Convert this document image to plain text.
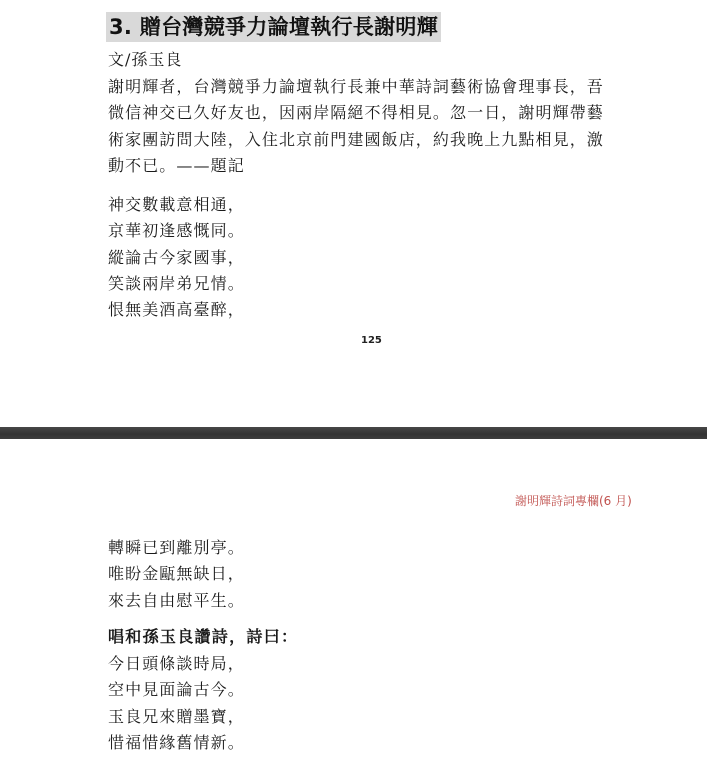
3. 贈台灣競爭力論壇執行長謝明輝
文/孫玉良
謝明輝者，台灣競爭力論壇執行長兼中華詩詞藝術協會理事長，吾
微信神交已久好友也，因兩岸隔絕不得相見。忽一日，謝明輝帶藝
術家團訪問大陸，入住北京前門建國飯店，約我晚上九點相見，激
動不已。——題記
神交數載意相通，
京華初逢感慨同。
縱論古今家國事，
笑談兩岸弟兄情。
恨無美酒高臺醉，
125
謝明輝詩詞專欄(6 月)
轉瞬已到離別亭。
唯盼金甌無缺日，
來去自由慰平生。
唱和孫玉良讚詩，詩曰：
今日頭條談時局，
空中見面論古今。
玉良兄來贈墨寶，
惜福惜緣舊情新。
